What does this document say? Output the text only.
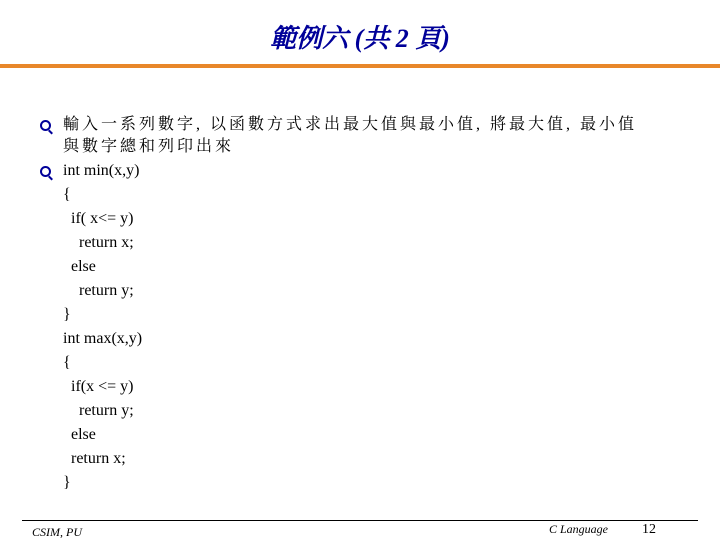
範例六 (共 2 頁)
輸入一系列數字, 以函數方式求出最大值與最小值, 將最大值, 最小值
與數字總和列印出來
int min(x,y)
{
if( x<= y)
return x;
else
return y;
}
int max(x,y)
{
if(x <= y)
return y;
else
return x;
}
CSIM, PU	C Language 12
